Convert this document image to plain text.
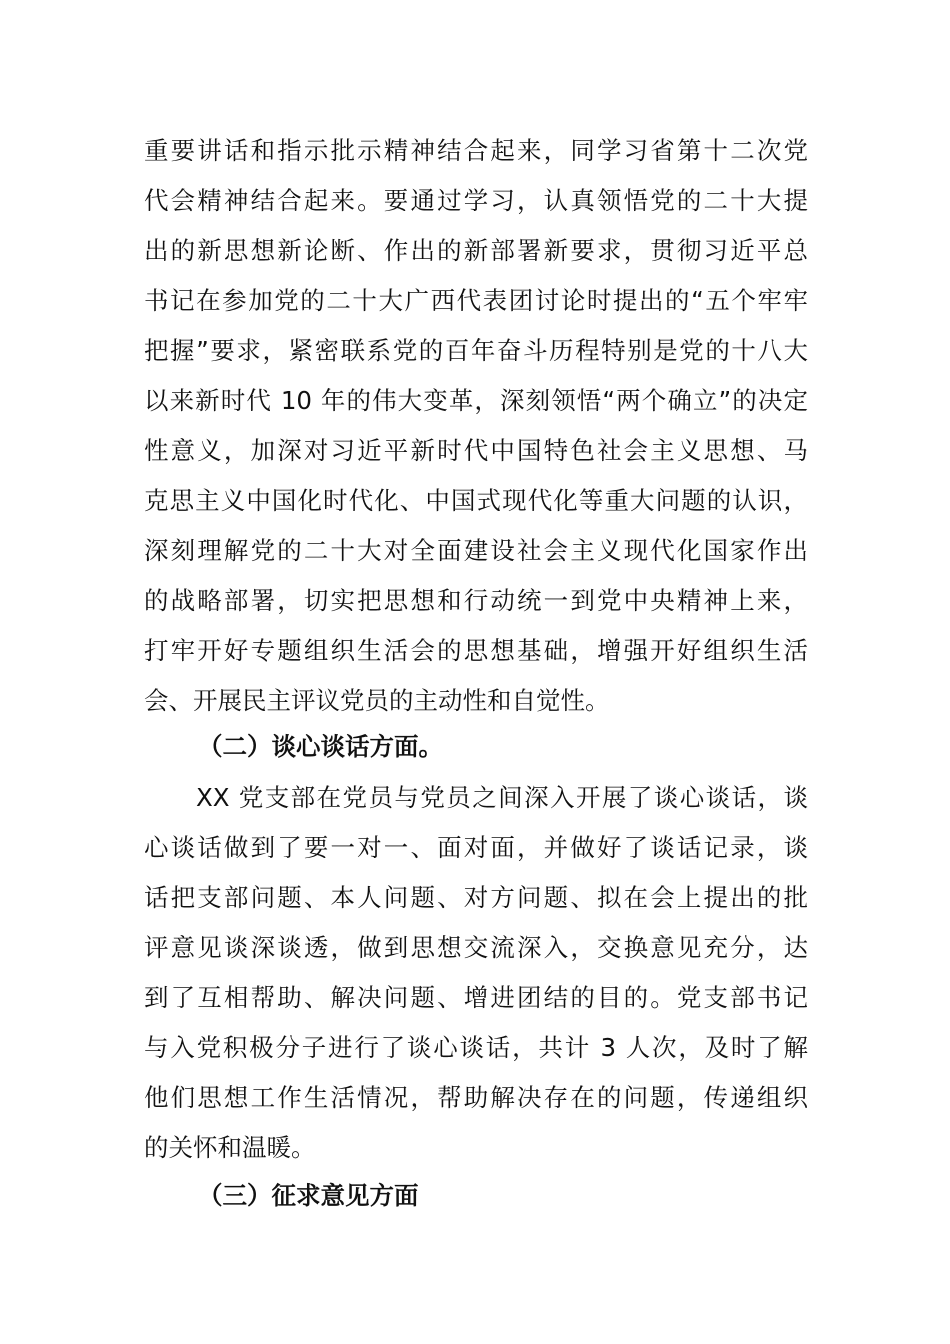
重要讲话和指示批示精神结合起来，同学习省第十二次党
代会精神结合起来。要通过学习，认真领悟党的二十大提
出的新思想新论断、作出的新部署新要求，贯彻习近平总
书记在参加党的二十大广西代表团讨论时提出的“五个牢牢
把握”要求，紧密联系党的百年奋斗历程特别是党的十八大
以来新时代 10 年的伟大变革，深刻领悟“两个确立”的决定
性意义，加深对习近平新时代中国特色社会主义思想、马
克思主义中国化时代化、中国式现代化等重大问题的认识，
深刻理解党的二十大对全面建设社会主义现代化国家作出
的战略部署，切实把思想和行动统一到党中央精神上来，
打牢开好专题组织生活会的思想基础，增强开好组织生活
会、开展民主评议党员的主动性和自觉性。
（二）谈心谈话方面。
XX 党支部在党员与党员之间深入开展了谈心谈话，谈
心谈话做到了要一对一、面对面，并做好了谈话记录，谈
话把支部问题、本人问题、对方问题、拟在会上提出的批
评意见谈深谈透，做到思想交流深入，交换意见充分，达
到了互相帮助、解决问题、增进团结的目的。党支部书记
与入党积极分子进行了谈心谈话，共计 3 人次，及时了解
他们思想工作生活情况，帮助解决存在的问题，传递组织
的关怀和温暖。
（三）征求意见方面
